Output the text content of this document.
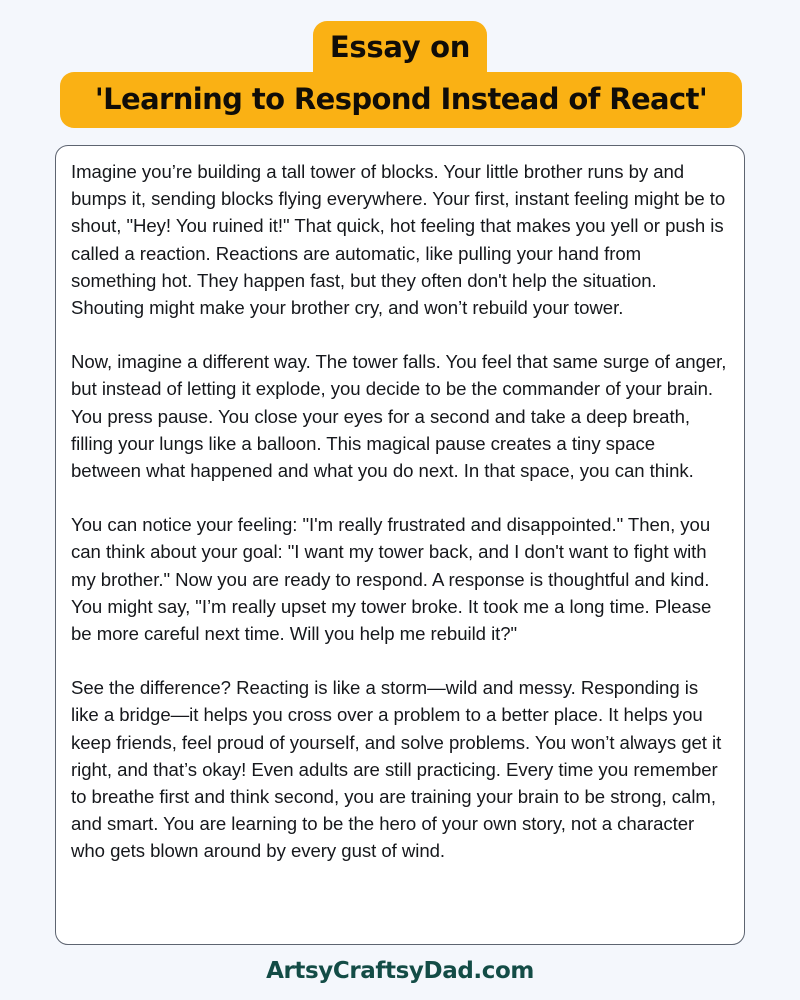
Essay on
'Learning to Respond Instead of React'

Imagine you’re building a tall tower of blocks. Your little brother runs by and bumps it, sending blocks flying everywhere. Your first, instant feeling might be to shout, "Hey! You ruined it!" That quick, hot feeling that makes you yell or push is called a reaction. Reactions are automatic, like pulling your hand from something hot. They happen fast, but they often don't help the situation. Shouting might make your brother cry, and won’t rebuild your tower.

Now, imagine a different way. The tower falls. You feel that same surge of anger, but instead of letting it explode, you decide to be the commander of your brain. You press pause. You close your eyes for a second and take a deep breath, filling your lungs like a balloon. This magical pause creates a tiny space between what happened and what you do next. In that space, you can think.

You can notice your feeling: "I'm really frustrated and disappointed." Then, you can think about your goal: "I want my tower back, and I don't want to fight with my brother." Now you are ready to respond. A response is thoughtful and kind. You might say, "I’m really upset my tower broke. It took me a long time. Please be more careful next time. Will you help me rebuild it?"

See the difference? Reacting is like a storm—wild and messy. Responding is like a bridge—it helps you cross over a problem to a better place. It helps you keep friends, feel proud of yourself, and solve problems. You won’t always get it right, and that’s okay! Even adults are still practicing. Every time you remember to breathe first and think second, you are training your brain to be strong, calm, and smart. You are learning to be the hero of your own story, not a character who gets blown around by every gust of wind.

ArtsyCraftsyDad.com
